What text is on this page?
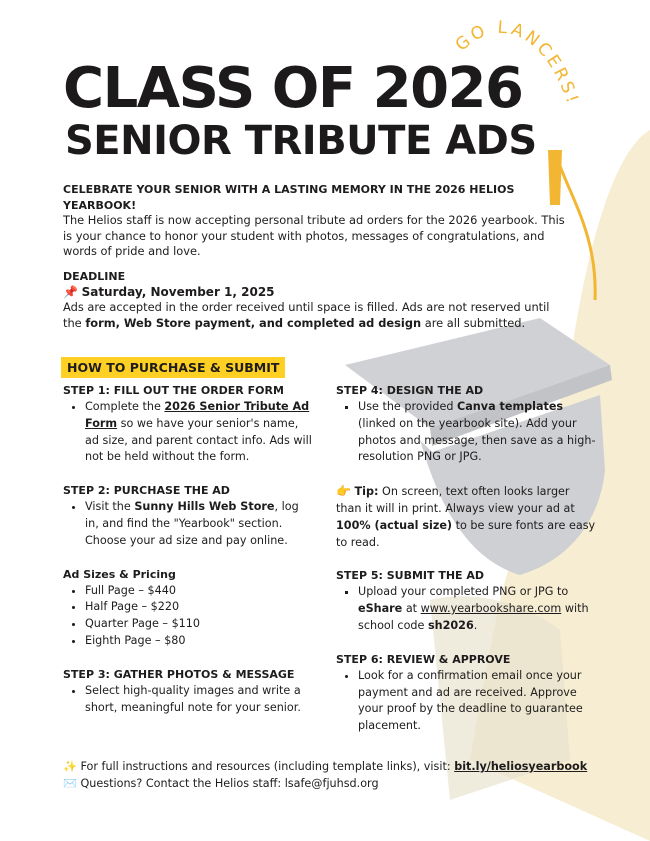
GO LANCERS!
CLASS OF 2026
SENIOR TRIBUTE ADS
CELEBRATE YOUR SENIOR WITH A LASTING MEMORY IN THE 2026 HELIOS YEARBOOK!
The Helios staff is now accepting personal tribute ad orders for the 2026 yearbook. This is your chance to honor your student with photos, messages of congratulations, and words of pride and love.
DEADLINE
📌 Saturday, November 1, 2025
Ads are accepted in the order received until space is filled. Ads are not reserved until the form, Web Store payment, and completed ad design are all submitted.
HOW TO PURCHASE & SUBMIT
STEP 1: FILL OUT THE ORDER FORM
• Complete the 2026 Senior Tribute Ad Form so we have your senior's name, ad size, and parent contact info. Ads will not be held without the form.
STEP 2: PURCHASE THE AD
• Visit the Sunny Hills Web Store, log in, and find the "Yearbook" section. Choose your ad size and pay online.
Ad Sizes & Pricing
• Full Page – $440
• Half Page – $220
• Quarter Page – $110
• Eighth Page – $80
STEP 3: GATHER PHOTOS & MESSAGE
• Select high-quality images and write a short, meaningful note for your senior.
STEP 4: DESIGN THE AD
▪ Use the provided Canva templates (linked on the yearbook site). Add your photos and message, then save as a high-resolution PNG or JPG.

👉 Tip: On screen, text often looks larger than it will in print. Always view your ad at 100% (actual size) to be sure fonts are easy to read.

STEP 5: SUBMIT THE AD
▪ Upload your completed PNG or JPG to eShare at www.yearbookshare.com with school code sh2026.
STEP 6: REVIEW & APPROVE
• Look for a confirmation email once your payment and ad are received. Approve your proof by the deadline to guarantee placement.
✨ For full instructions and resources (including template links), visit: bit.ly/heliosyearbook
✉️ Questions? Contact the Helios staff: lsafe@fjuhsd.org
